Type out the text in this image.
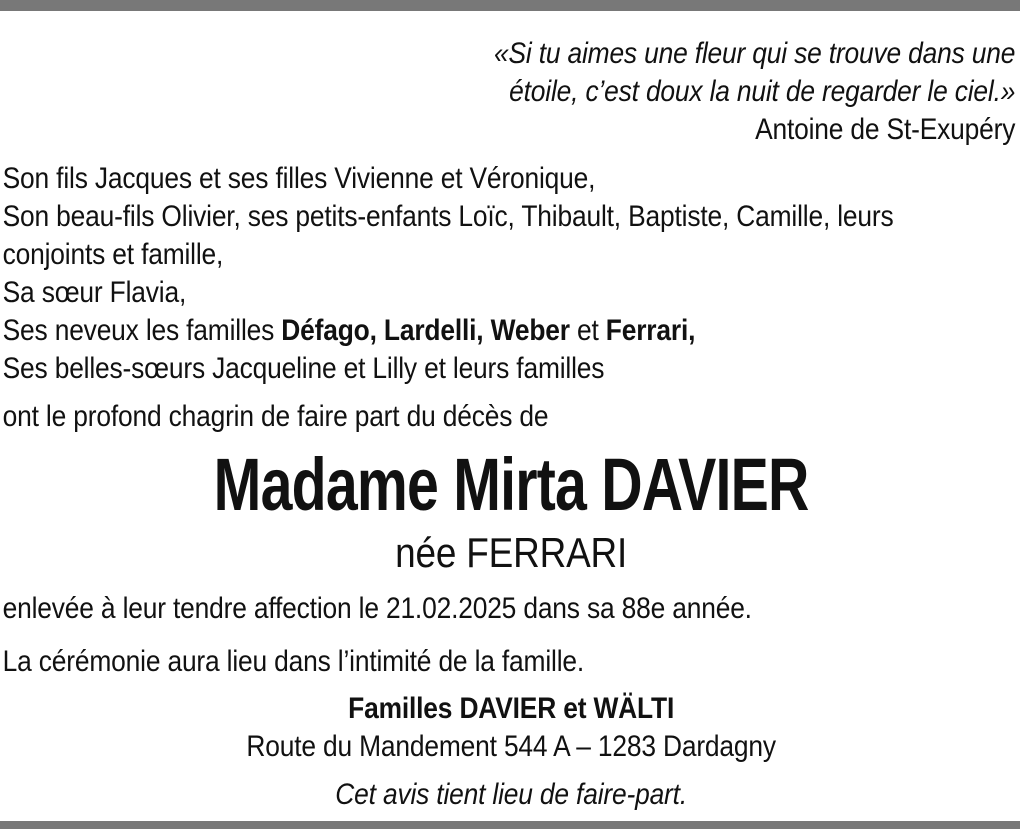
«Si tu aimes une fleur qui se trouve dans une
étoile, c’est doux la nuit de regarder le ciel.»
Antoine de St-Exupéry
Son fils Jacques et ses filles Vivienne et Véronique,
Son beau-fils Olivier, ses petits-enfants Loïc, Thibault, Baptiste, Camille, leurs
conjoints et famille,
Sa sœur Flavia,
Ses neveux les familles Défago, Lardelli, Weber et Ferrari,
Ses belles-sœurs Jacqueline et Lilly et leurs familles

ont le profond chagrin de faire part du décès de

Madame Mirta DAVIER
née FERRARI

enlevée à leur tendre affection le 21.02.2025 dans sa 88e année.

La cérémonie aura lieu dans l’intimité de la famille.

Familles DAVIER et WÄLTI
Route du Mandement 544 A – 1283 Dardagny
Cet avis tient lieu de faire-part.
